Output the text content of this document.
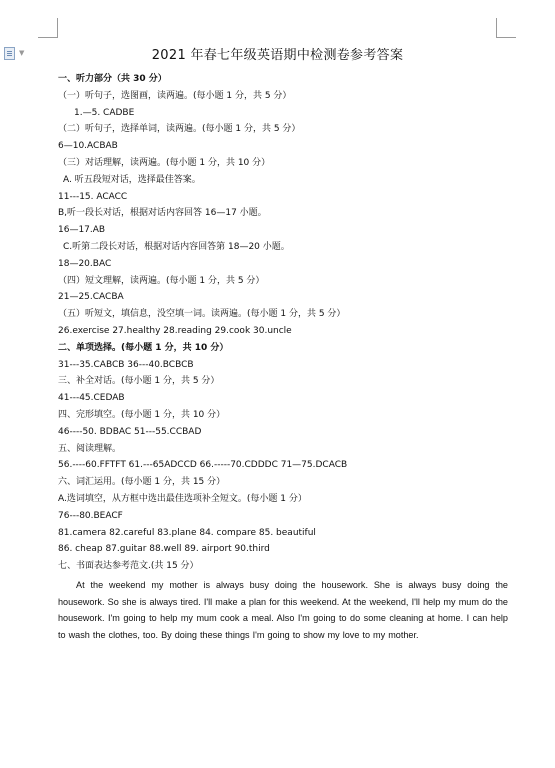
▼	2021 年春七年级英语期中检测卷参考答案
一、听力部分（共 30 分）
（一）听句子，选图画，读两遍。(每小题 1 分，共 5 分）
1.—5. CADBE
（二）听句子，选择单词，读两遍。(每小题 1 分，共 5 分）
6—10.ACBAB
（三）对话理解，读两遍。(每小题 1 分，共 10 分）
A. 听五段短对话，选择最佳答案。
11---15. ACACC
B,听一段长对话，根据对话内容回答 16—17 小题。
16—17.AB
C.听第二段长对话，根据对话内容回答第 18—20 小题。
18—20.BAC
（四）短文理解，读两遍。(每小题 1 分，共 5 分）
21—25.CACBA
（五）听短文，填信息，没空填一词。读两遍。(每小题 1 分，共 5 分）
26.exercise 27.healthy 28.reading 29.cook 30.uncle
二、单项选择。(每小题 1 分，共 10 分）
31---35.CABCB 36---40.BCBCB
三、补全对话。(每小题 1 分，共 5 分）
41---45.CEDAB
四、完形填空。(每小题 1 分，共 10 分）
46----50. BDBAC 51---55.CCBAD
五、阅读理解。
56.----60.FFTFT 61.---65ADCCD 66.-----70.CDDDC 71—75.DCACB
六、词汇运用。(每小题 1 分，共 15 分）
A.选词填空，从方框中选出最佳选项补全短文。(每小题 1 分）
76---80.BEACF
81.camera 82.careful 83.plane 84. compare 85. beautiful
86. cheap 87.guitar 88.well 89. airport 90.third
七、书面表达参考范文.(共 15 分）
At the weekend my mother is always busy doing the housework. She is always busy doing the housework. So she is always tired. I'll make a plan for this weekend. At the weekend, I'll help my mum do the housework. I'm going to help my mum cook a meal. Also I'm going to do some cleaning at home. I can help to wash the clothes, too. By doing these things I'm going to show my love to my mother.
